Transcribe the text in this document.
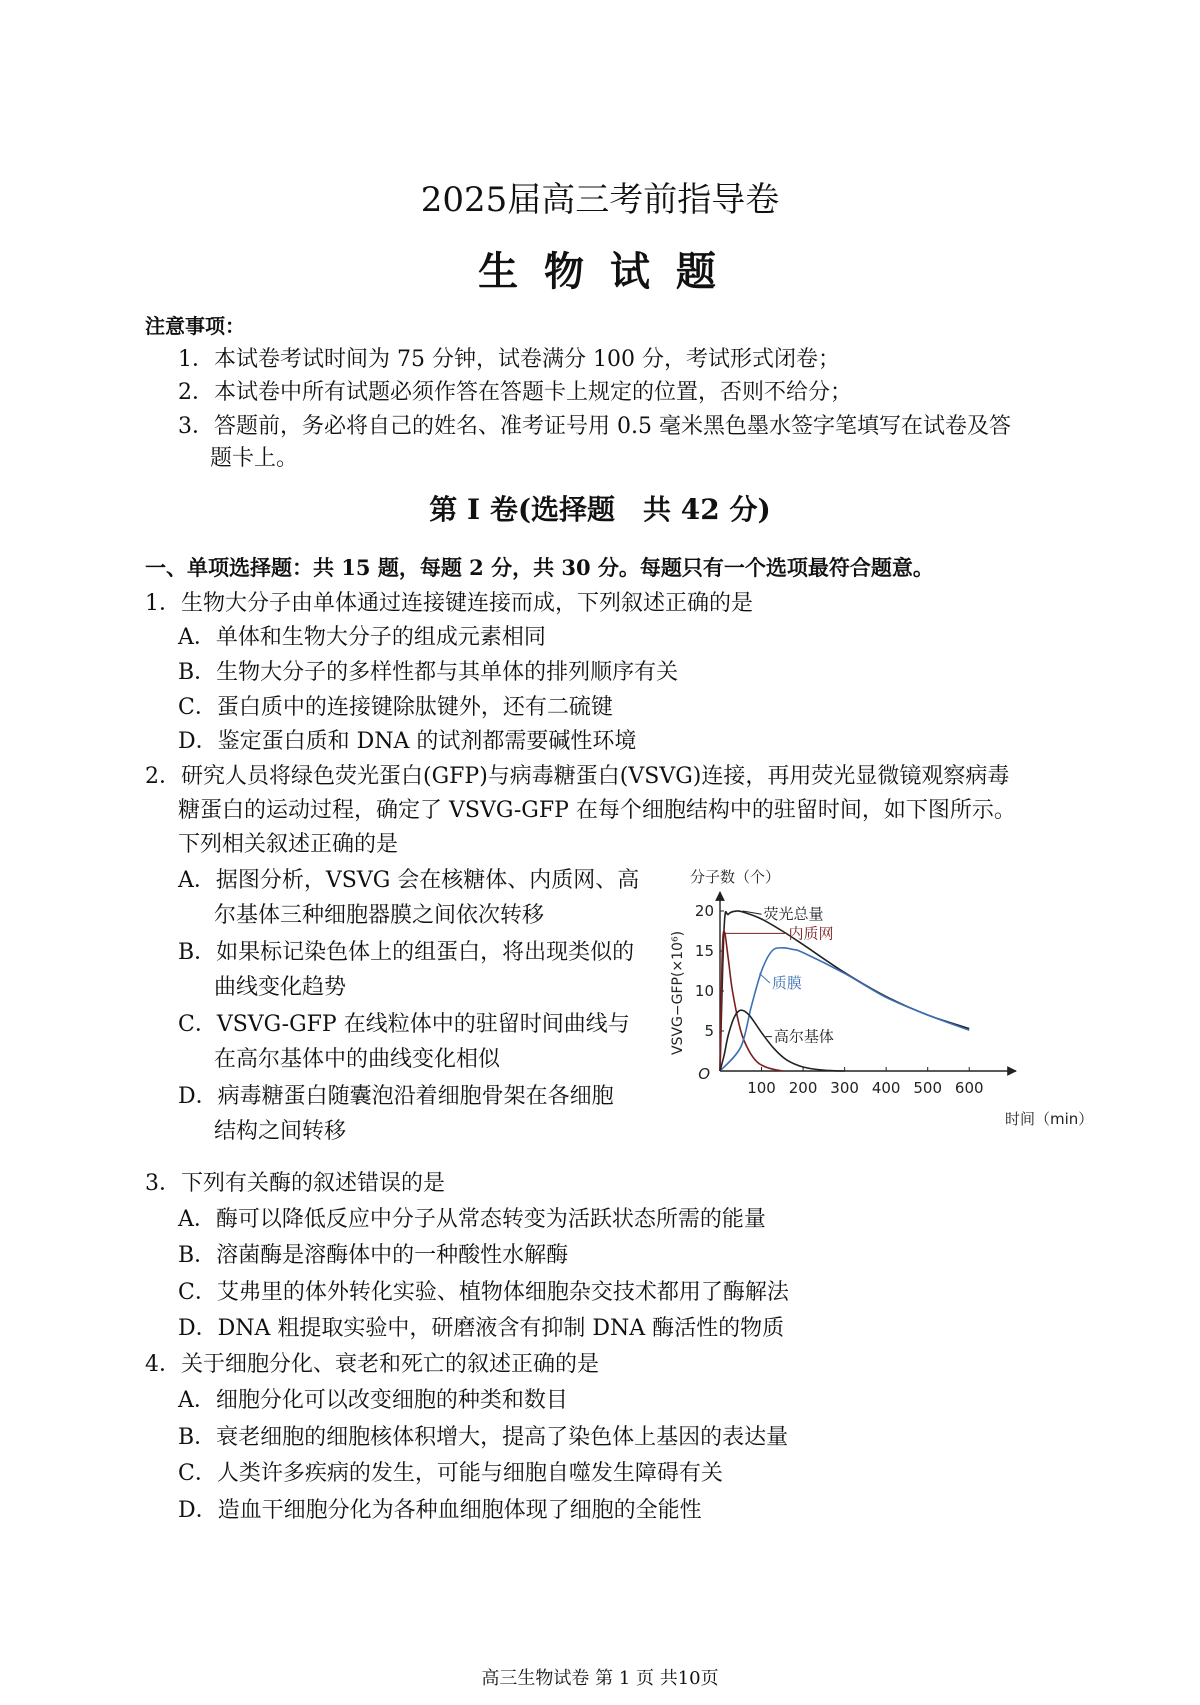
2025届高三考前指导卷
生 物 试 题
注意事项：
1．本试卷考试时间为 75 分钟，试卷满分 100 分，考试形式闭卷；
2．本试卷中所有试题必须作答在答题卡上规定的位置，否则不给分；
3．答题前，务必将自己的姓名、准考证号用 0.5 毫米黑色墨水签字笔填写在试卷及答
题卡上。
第 I 卷(选择题　共 42 分)
一、单项选择题：共 15 题，每题 2 分，共 30 分。每题只有一个选项最符合题意。
1．生物大分子由单体通过连接键连接而成，下列叙述正确的是
A．单体和生物大分子的组成元素相同
B．生物大分子的多样性都与其单体的排列顺序有关
C．蛋白质中的连接键除肽键外，还有二硫键
D．鉴定蛋白质和 DNA 的试剂都需要碱性环境
2．研究人员将绿色荧光蛋白(GFP)与病毒糖蛋白(VSVG)连接，再用荧光显微镜观察病毒
糖蛋白的运动过程，确定了 VSVG-GFP 在每个细胞结构中的驻留时间，如下图所示。
下列相关叙述正确的是
A．据图分析，VSVG 会在核糖体、内质网、高
尔基体三种细胞器膜之间依次转移
B．如果标记染色体上的组蛋白，将出现类似的
曲线变化趋势
C．VSVG-GFP 在线粒体中的驻留时间曲线与
在高尔基体中的曲线变化相似
D．病毒糖蛋白随囊泡沿着细胞骨架在各细胞
结构之间转移
100 200 300 400 500 600
5
10
15
20
O
分子数（个）
VSVG−GFP(×10⁶)
时间（min）
荧光总量
内质网
质膜
高尔基体
3．下列有关酶的叙述错误的是
A．酶可以降低反应中分子从常态转变为活跃状态所需的能量
B．溶菌酶是溶酶体中的一种酸性水解酶
C．艾弗里的体外转化实验、植物体细胞杂交技术都用了酶解法
D．DNA 粗提取实验中，研磨液含有抑制 DNA 酶活性的物质
4．关于细胞分化、衰老和死亡的叙述正确的是
A．细胞分化可以改变细胞的种类和数目
B．衰老细胞的细胞核体积增大，提高了染色体上基因的表达量
C．人类许多疾病的发生，可能与细胞自噬发生障碍有关
D．造血干细胞分化为各种血细胞体现了细胞的全能性
高三生物试卷 第 1 页 共10页
